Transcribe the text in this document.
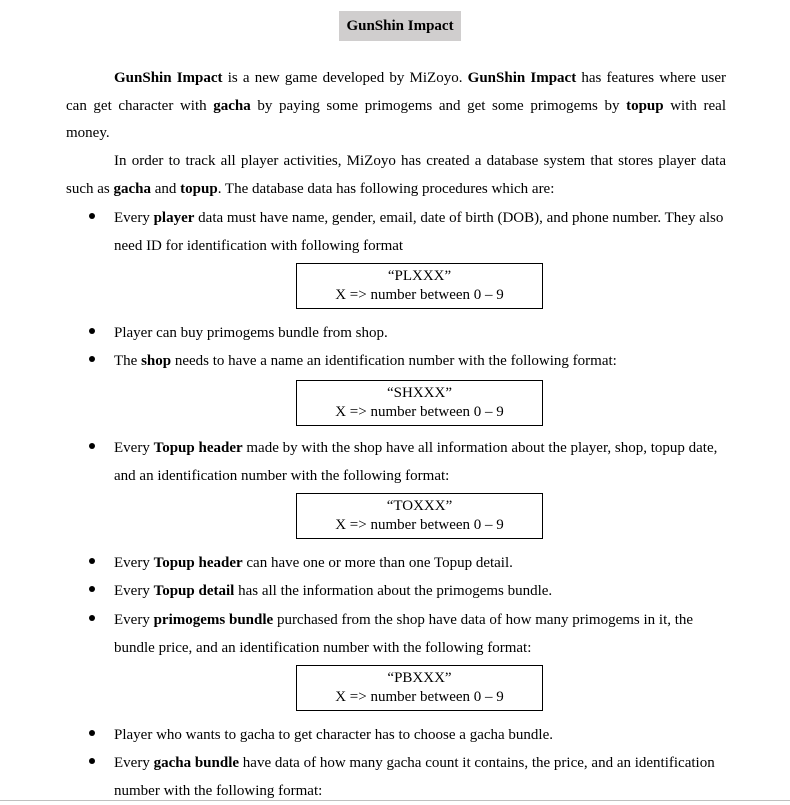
GunShin Impact
GunShin Impact is a new game developed by MiZoyo. GunShin Impact has features where user can get character with gacha by paying some primogems and get some primogems by topup with real money.
In order to track all player activities, MiZoyo has created a database system that stores player data such as gacha and topup. The database data has following procedures which are:
Every player data must have name, gender, email, date of birth (DOB), and phone number. They also need ID for identification with following format
“PLXXX”
X => number between 0 – 9
Player can buy primogems bundle from shop.
The shop needs to have a name an identification number with the following format:
“SHXXX”
X => number between 0 – 9
Every Topup header made by with the shop have all information about the player, shop, topup date, and an identification number with the following format:
“TOXXX”
X => number between 0 – 9
Every Topup header can have one or more than one Topup detail.
Every Topup detail has all the information about the primogems bundle.
Every primogems bundle purchased from the shop have data of how many primogems in it, the bundle price, and an identification number with the following format:
“PBXXX”
X => number between 0 – 9
Player who wants to gacha to get character has to choose a gacha bundle.
Every gacha bundle have data of how many gacha count it contains, the price, and an identification number with the following format:
